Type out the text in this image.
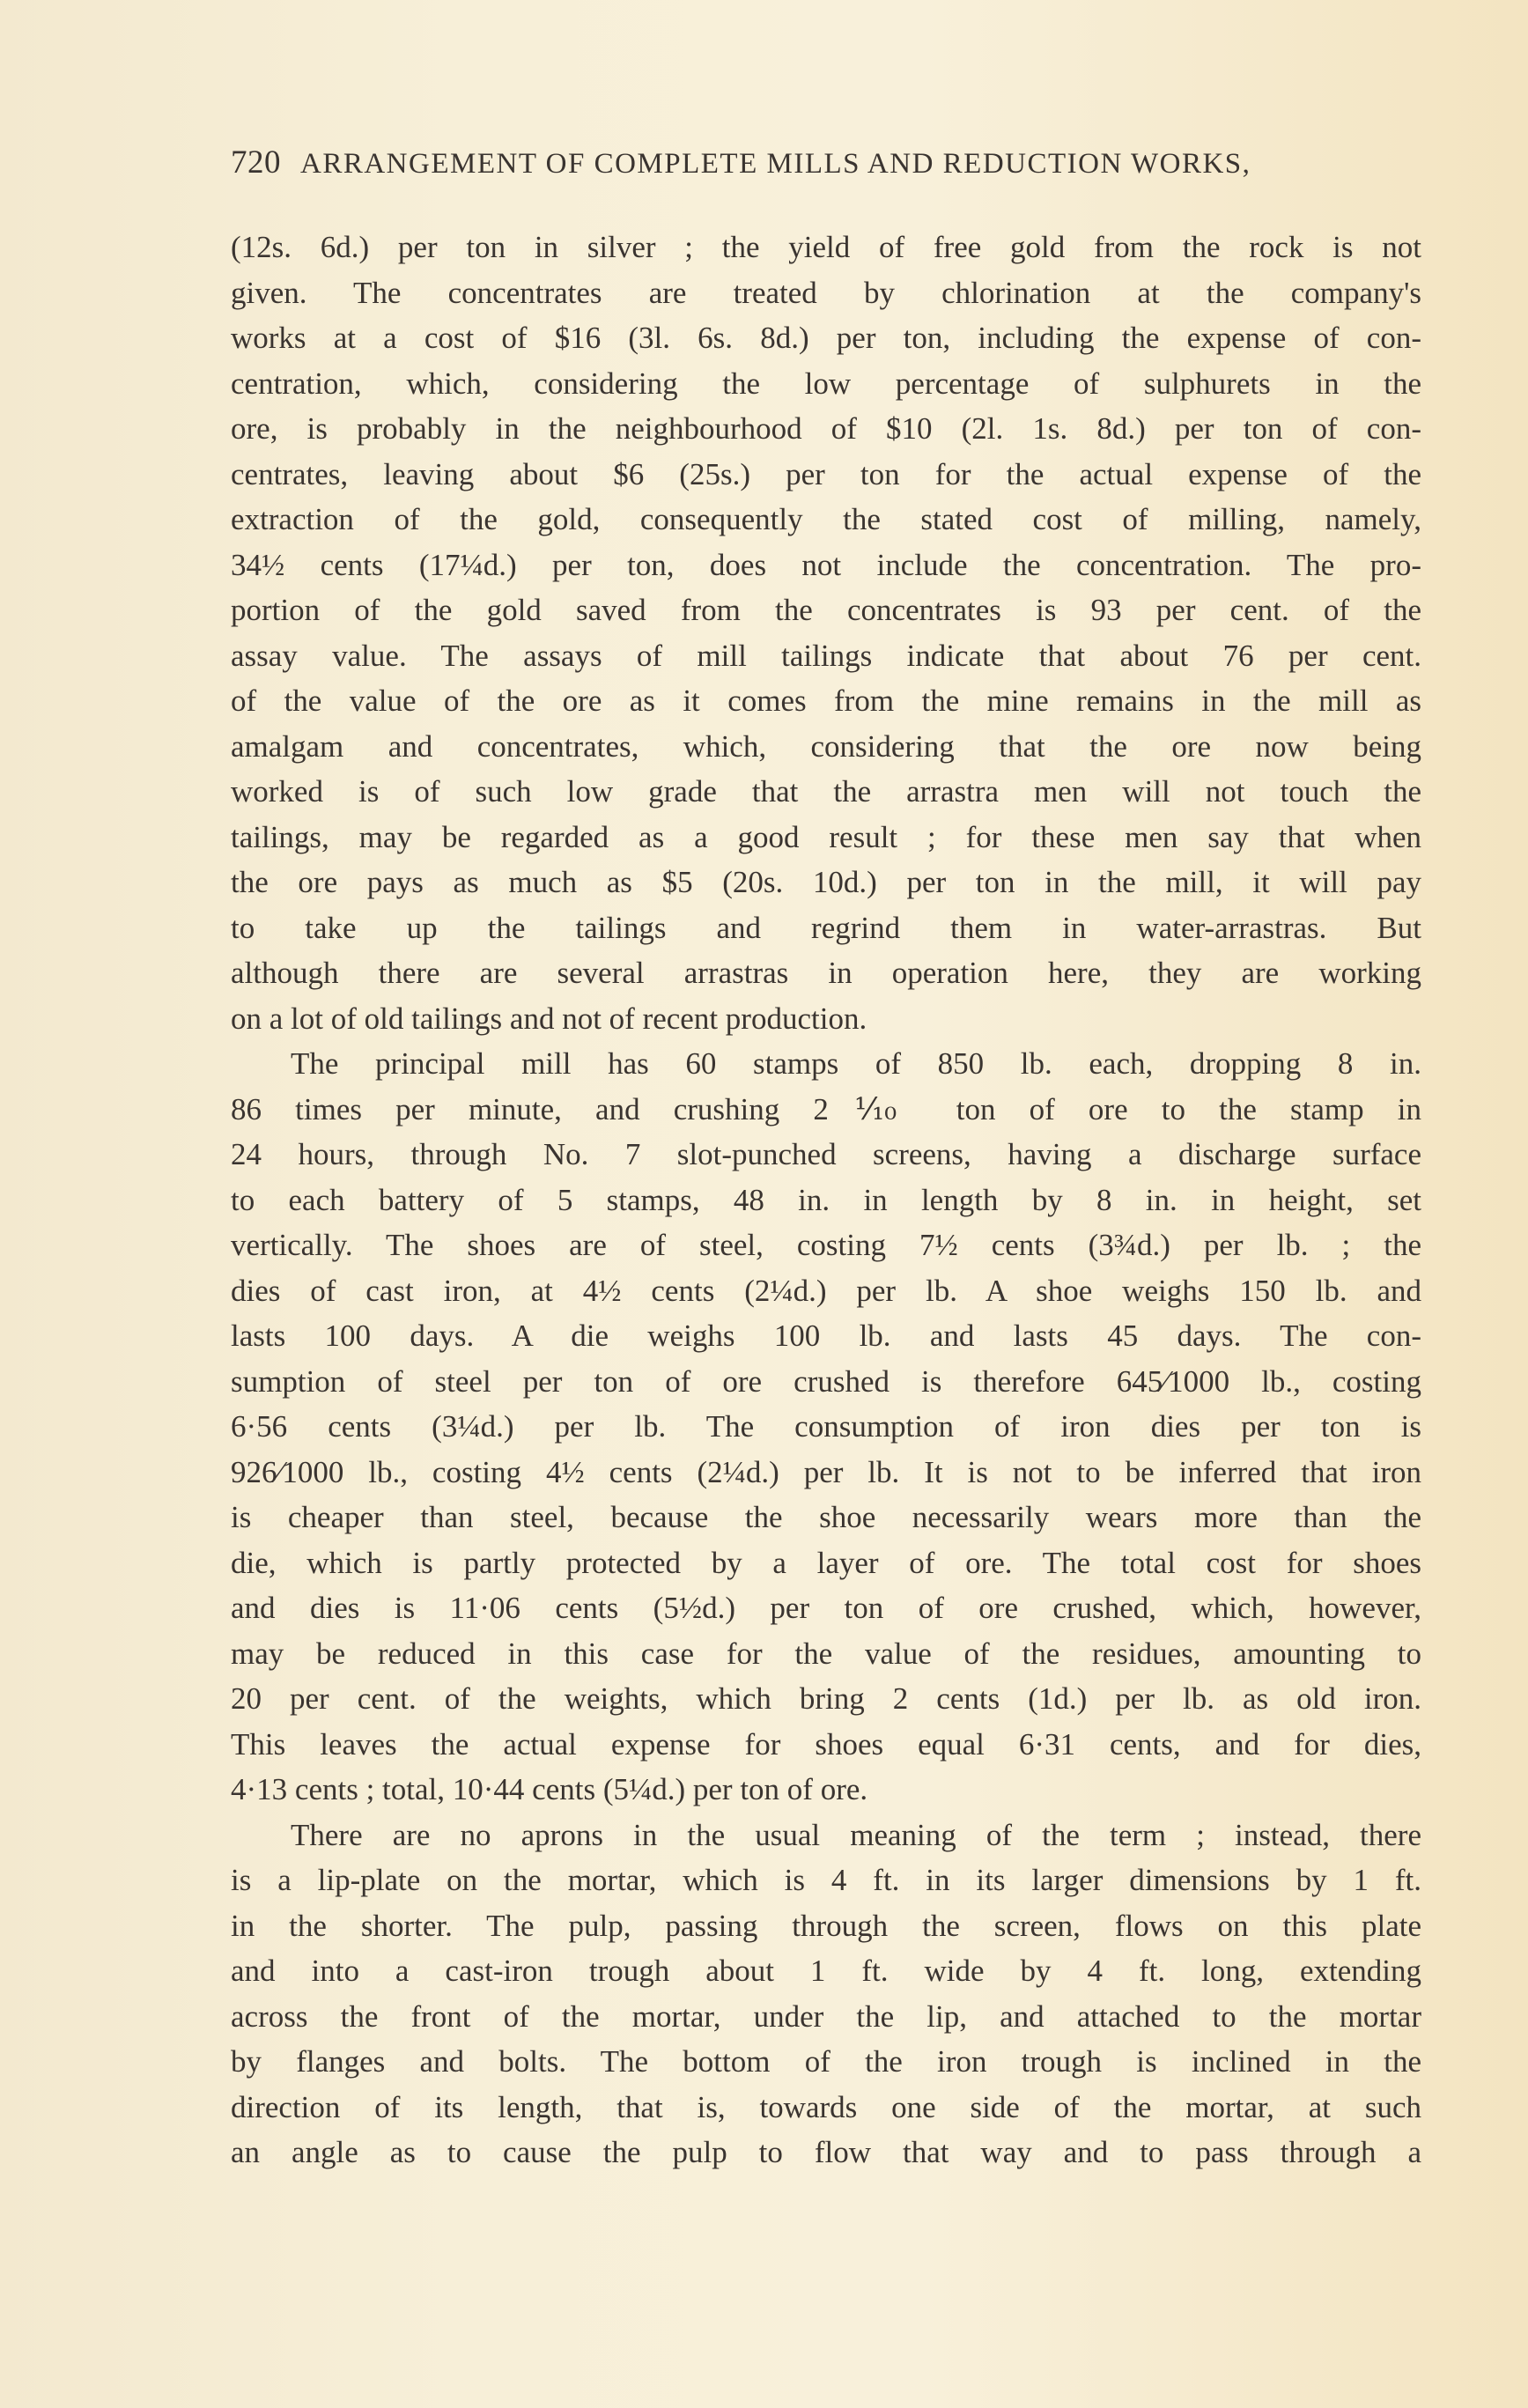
720 ARRANGEMENT OF COMPLETE MILLS AND REDUCTION WORKS,
(12s. 6d.) per ton in silver ; the yield of free gold from the rock is not
given. The concentrates are treated by chlorination at the company's
works at a cost of $16 (3l. 6s. 8d.) per ton, including the expense of con-
centration, which, considering the low percentage of sulphurets in the
ore, is probably in the neighbourhood of $10 (2l. 1s. 8d.) per ton of con-
centrates, leaving about $6 (25s.) per ton for the actual expense of the
extraction of the gold, consequently the stated cost of milling, namely,
34½ cents (17¼d.) per ton, does not include the concentration. The pro-
portion of the gold saved from the concentrates is 93 per cent. of the
assay value. The assays of mill tailings indicate that about 76 per cent.
of the value of the ore as it comes from the mine remains in the mill as
amalgam and concentrates, which, considering that the ore now being
worked is of such low grade that the arrastra men will not touch the
tailings, may be regarded as a good result ; for these men say that when
the ore pays as much as $5 (20s. 10d.) per ton in the mill, it will pay
to take up the tailings and regrind them in water-arrastras. But
although there are several arrastras in operation here, they are working
on a lot of old tailings and not of recent production.
The principal mill has 60 stamps of 850 lb. each, dropping 8 in.
86 times per minute, and crushing 2⅒ ton of ore to the stamp in
24 hours, through No. 7 slot-punched screens, having a discharge surface
to each battery of 5 stamps, 48 in. in length by 8 in. in height, set
vertically. The shoes are of steel, costing 7½ cents (3¾d.) per lb. ; the
dies of cast iron, at 4½ cents (2¼d.) per lb. A shoe weighs 150 lb. and
lasts 100 days. A die weighs 100 lb. and lasts 45 days. The con-
sumption of steel per ton of ore crushed is therefore 645⁄1000 lb., costing
6·56 cents (3¼d.) per lb. The consumption of iron dies per ton is
926⁄1000 lb., costing 4½ cents (2¼d.) per lb. It is not to be inferred that iron
is cheaper than steel, because the shoe necessarily wears more than the
die, which is partly protected by a layer of ore. The total cost for shoes
and dies is 11·06 cents (5½d.) per ton of ore crushed, which, however,
may be reduced in this case for the value of the residues, amounting to
20 per cent. of the weights, which bring 2 cents (1d.) per lb. as old iron.
This leaves the actual expense for shoes equal 6·31 cents, and for dies,
4·13 cents ; total, 10·44 cents (5¼d.) per ton of ore.
There are no aprons in the usual meaning of the term ; instead, there
is a lip-plate on the mortar, which is 4 ft. in its larger dimensions by 1 ft.
in the shorter. The pulp, passing through the screen, flows on this plate
and into a cast-iron trough about 1 ft. wide by 4 ft. long, extending
across the front of the mortar, under the lip, and attached to the mortar
by flanges and bolts. The bottom of the iron trough is inclined in the
direction of its length, that is, towards one side of the mortar, at such
an angle as to cause the pulp to flow that way and to pass through a
